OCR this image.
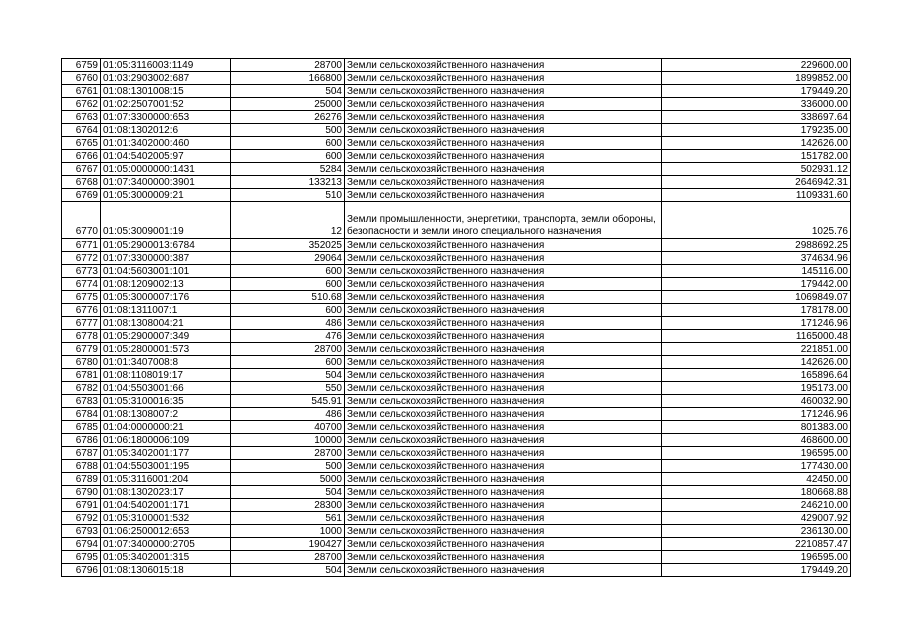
6759	01:05:3116003:1149	28700	Земли сельскохозяйственного назначения	229600.00
6760	01:03:2903002:687	166800	Земли сельскохозяйственного назначения	1899852.00
6761	01:08:1301008:15	504	Земли сельскохозяйственного назначения	179449.20
6762	01:02:2507001:52	25000	Земли сельскохозяйственного назначения	336000.00
6763	01:07:3300000:653	26276	Земли сельскохозяйственного назначения	338697.64
6764	01:08:1302012:6	500	Земли сельскохозяйственного назначения	179235.00
6765	01:01:3402000:460	600	Земли сельскохозяйственного назначения	142626.00
6766	01:04:5402005:97	600	Земли сельскохозяйственного назначения	151782.00
6767	01:05:0000000:1431	5284	Земли сельскохозяйственного назначения	502931.12
6768	01:07:3400000:3901	133213	Земли сельскохозяйственного назначения	2646942.31
6769	01:05:3000009:21	510	Земли сельскохозяйственного назначения	1109331.60
6770	01:05:3009001:19	12	Земли промышленности, энергетики, транспорта, земли обороны, безопасности и земли иного специального назначения	1025.76
6771	01:05:2900013:6784	352025	Земли сельскохозяйственного назначения	2988692.25
6772	01:07:3300000:387	29064	Земли сельскохозяйственного назначения	374634.96
6773	01:04:5603001:101	600	Земли сельскохозяйственного назначения	145116.00
6774	01:08:1209002:13	600	Земли сельскохозяйственного назначения	179442.00
6775	01:05:3000007:176	510.68	Земли сельскохозяйственного назначения	1069849.07
6776	01:08:1311007:1	600	Земли сельскохозяйственного назначения	178178.00
6777	01:08:1308004:21	486	Земли сельскохозяйственного назначения	171246.96
6778	01:05:2900007:349	476	Земли сельскохозяйственного назначения	1165000.48
6779	01:05:2800001:573	28700	Земли сельскохозяйственного назначения	221851.00
6780	01:01:3407008:8	600	Земли сельскохозяйственного назначения	142626.00
6781	01:08:1108019:17	504	Земли сельскохозяйственного назначения	165896.64
6782	01:04:5503001:66	550	Земли сельскохозяйственного назначения	195173.00
6783	01:05:3100016:35	545.91	Земли сельскохозяйственного назначения	460032.90
6784	01:08:1308007:2	486	Земли сельскохозяйственного назначения	171246.96
6785	01:04:0000000:21	40700	Земли сельскохозяйственного назначения	801383.00
6786	01:06:1800006:109	10000	Земли сельскохозяйственного назначения	468600.00
6787	01:05:3402001:177	28700	Земли сельскохозяйственного назначения	196595.00
6788	01:04:5503001:195	500	Земли сельскохозяйственного назначения	177430.00
6789	01:05:3116001:204	5000	Земли сельскохозяйственного назначения	42450.00
6790	01:08:1302023:17	504	Земли сельскохозяйственного назначения	180668.88
6791	01:04:5402001:171	28300	Земли сельскохозяйственного назначения	246210.00
6792	01:05:3100001:532	561	Земли сельскохозяйственного назначения	429007.92
6793	01:06:2500012:653	1000	Земли сельскохозяйственного назначения	236130.00
6794	01:07:3400000:2705	190427	Земли сельскохозяйственного назначения	2210857.47
6795	01:05:3402001:315	28700	Земли сельскохозяйственного назначения	196595.00
6796	01:08:1306015:18	504	Земли сельскохозяйственного назначения	179449.20
